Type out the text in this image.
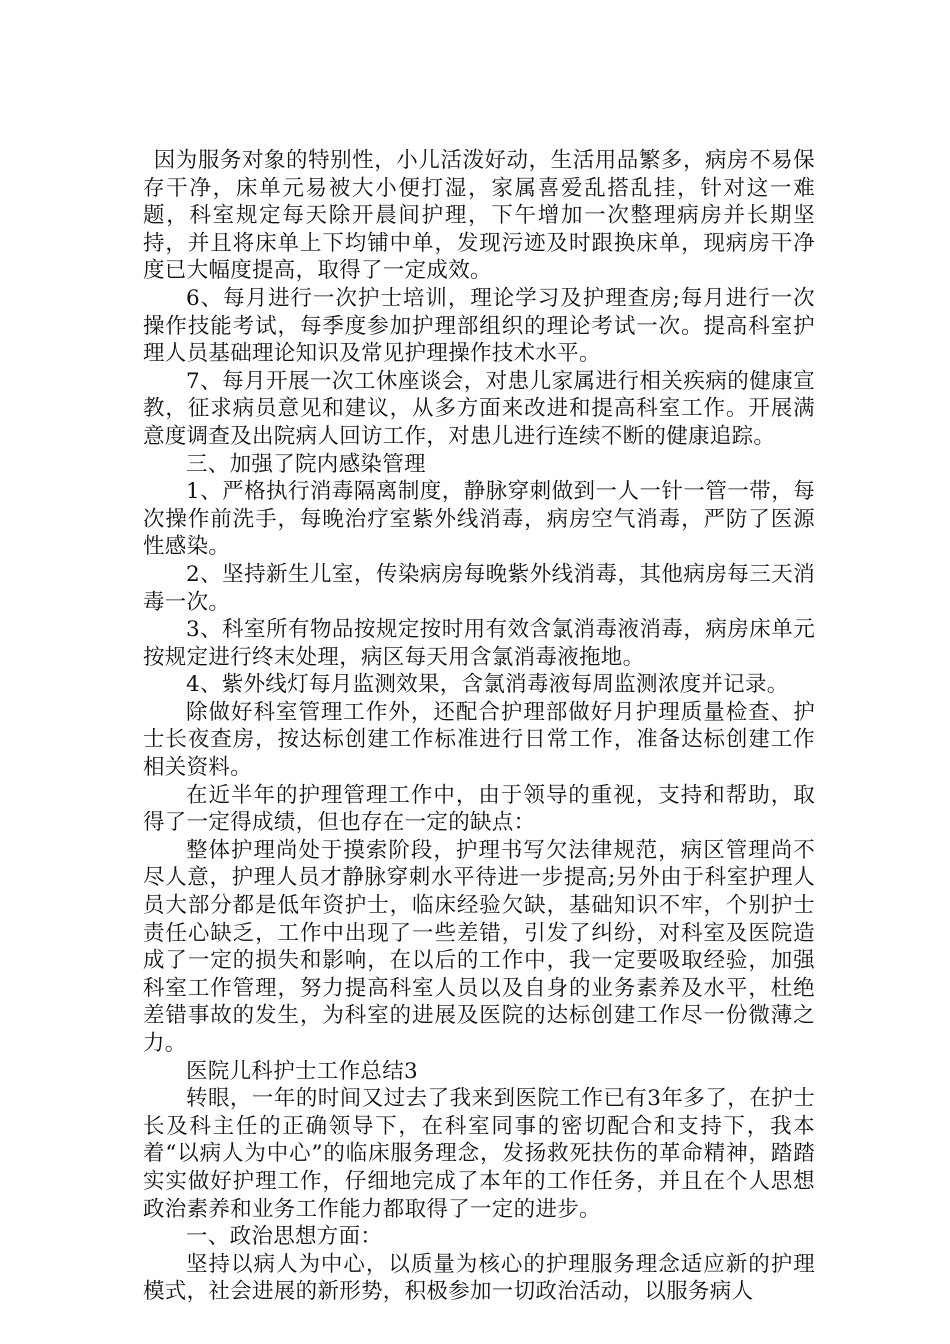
因为服务对象的特别性，小儿活泼好动，生活用品繁多，病房不易保存干净，床单元易被大小便打湿，家属喜爱乱搭乱挂，针对这一难题，科室规定每天除开晨间护理，下午增加一次整理病房并长期坚持，并且将床单上下均铺中单，发现污迹及时跟换床单，现病房干净度已大幅度提高，取得了一定成效。

6、每月进行一次护士培训，理论学习及护理查房;每月进行一次操作技能考试，每季度参加护理部组织的理论考试一次。提高科室护理人员基础理论知识及常见护理操作技术水平。

7、每月开展一次工休座谈会，对患儿家属进行相关疾病的健康宣教，征求病员意见和建议，从多方面来改进和提高科室工作。开展满意度调查及出院病人回访工作，对患儿进行连续不断的健康追踪。

三、加强了院内感染管理

1、严格执行消毒隔离制度，静脉穿刺做到一人一针一管一带，每次操作前洗手，每晚治疗室紫外线消毒，病房空气消毒，严防了医源性感染。

2、坚持新生儿室，传染病房每晚紫外线消毒，其他病房每三天消毒一次。

3、科室所有物品按规定按时用有效含氯消毒液消毒，病房床单元按规定进行终末处理，病区每天用含氯消毒液拖地。

4、紫外线灯每月监测效果，含氯消毒液每周监测浓度并记录。

除做好科室管理工作外，还配合护理部做好月护理质量检查、护士长夜查房，按达标创建工作标准进行日常工作，准备达标创建工作相关资料。

在近半年的护理管理工作中，由于领导的重视，支持和帮助，取得了一定得成绩，但也存在一定的缺点：

整体护理尚处于摸索阶段，护理书写欠法律规范，病区管理尚不尽人意，护理人员才静脉穿刺水平待进一步提高;另外由于科室护理人员大部分都是低年资护士，临床经验欠缺，基础知识不牢，个别护士责任心缺乏，工作中出现了一些差错，引发了纠纷，对科室及医院造成了一定的损失和影响，在以后的工作中，我一定要吸取经验，加强科室工作管理，努力提高科室人员以及自身的业务素养及水平，杜绝差错事故的发生，为科室的进展及医院的达标创建工作尽一份微薄之力。

医院儿科护士工作总结3

转眼，一年的时间又过去了我来到医院工作已有3年多了，在护士长及科主任的正确领导下，在科室同事的密切配合和支持下，我本着“以病人为中心”的临床服务理念，发扬救死扶伤的革命精神，踏踏实实做好护理工作，仔细地完成了本年的工作任务，并且在个人思想政治素养和业务工作能力都取得了一定的进步。

一、政治思想方面：

坚持以病人为中心，以质量为核心的护理服务理念适应新的护理模式，社会进展的新形势，积极参加一切政治活动，以服务病人
